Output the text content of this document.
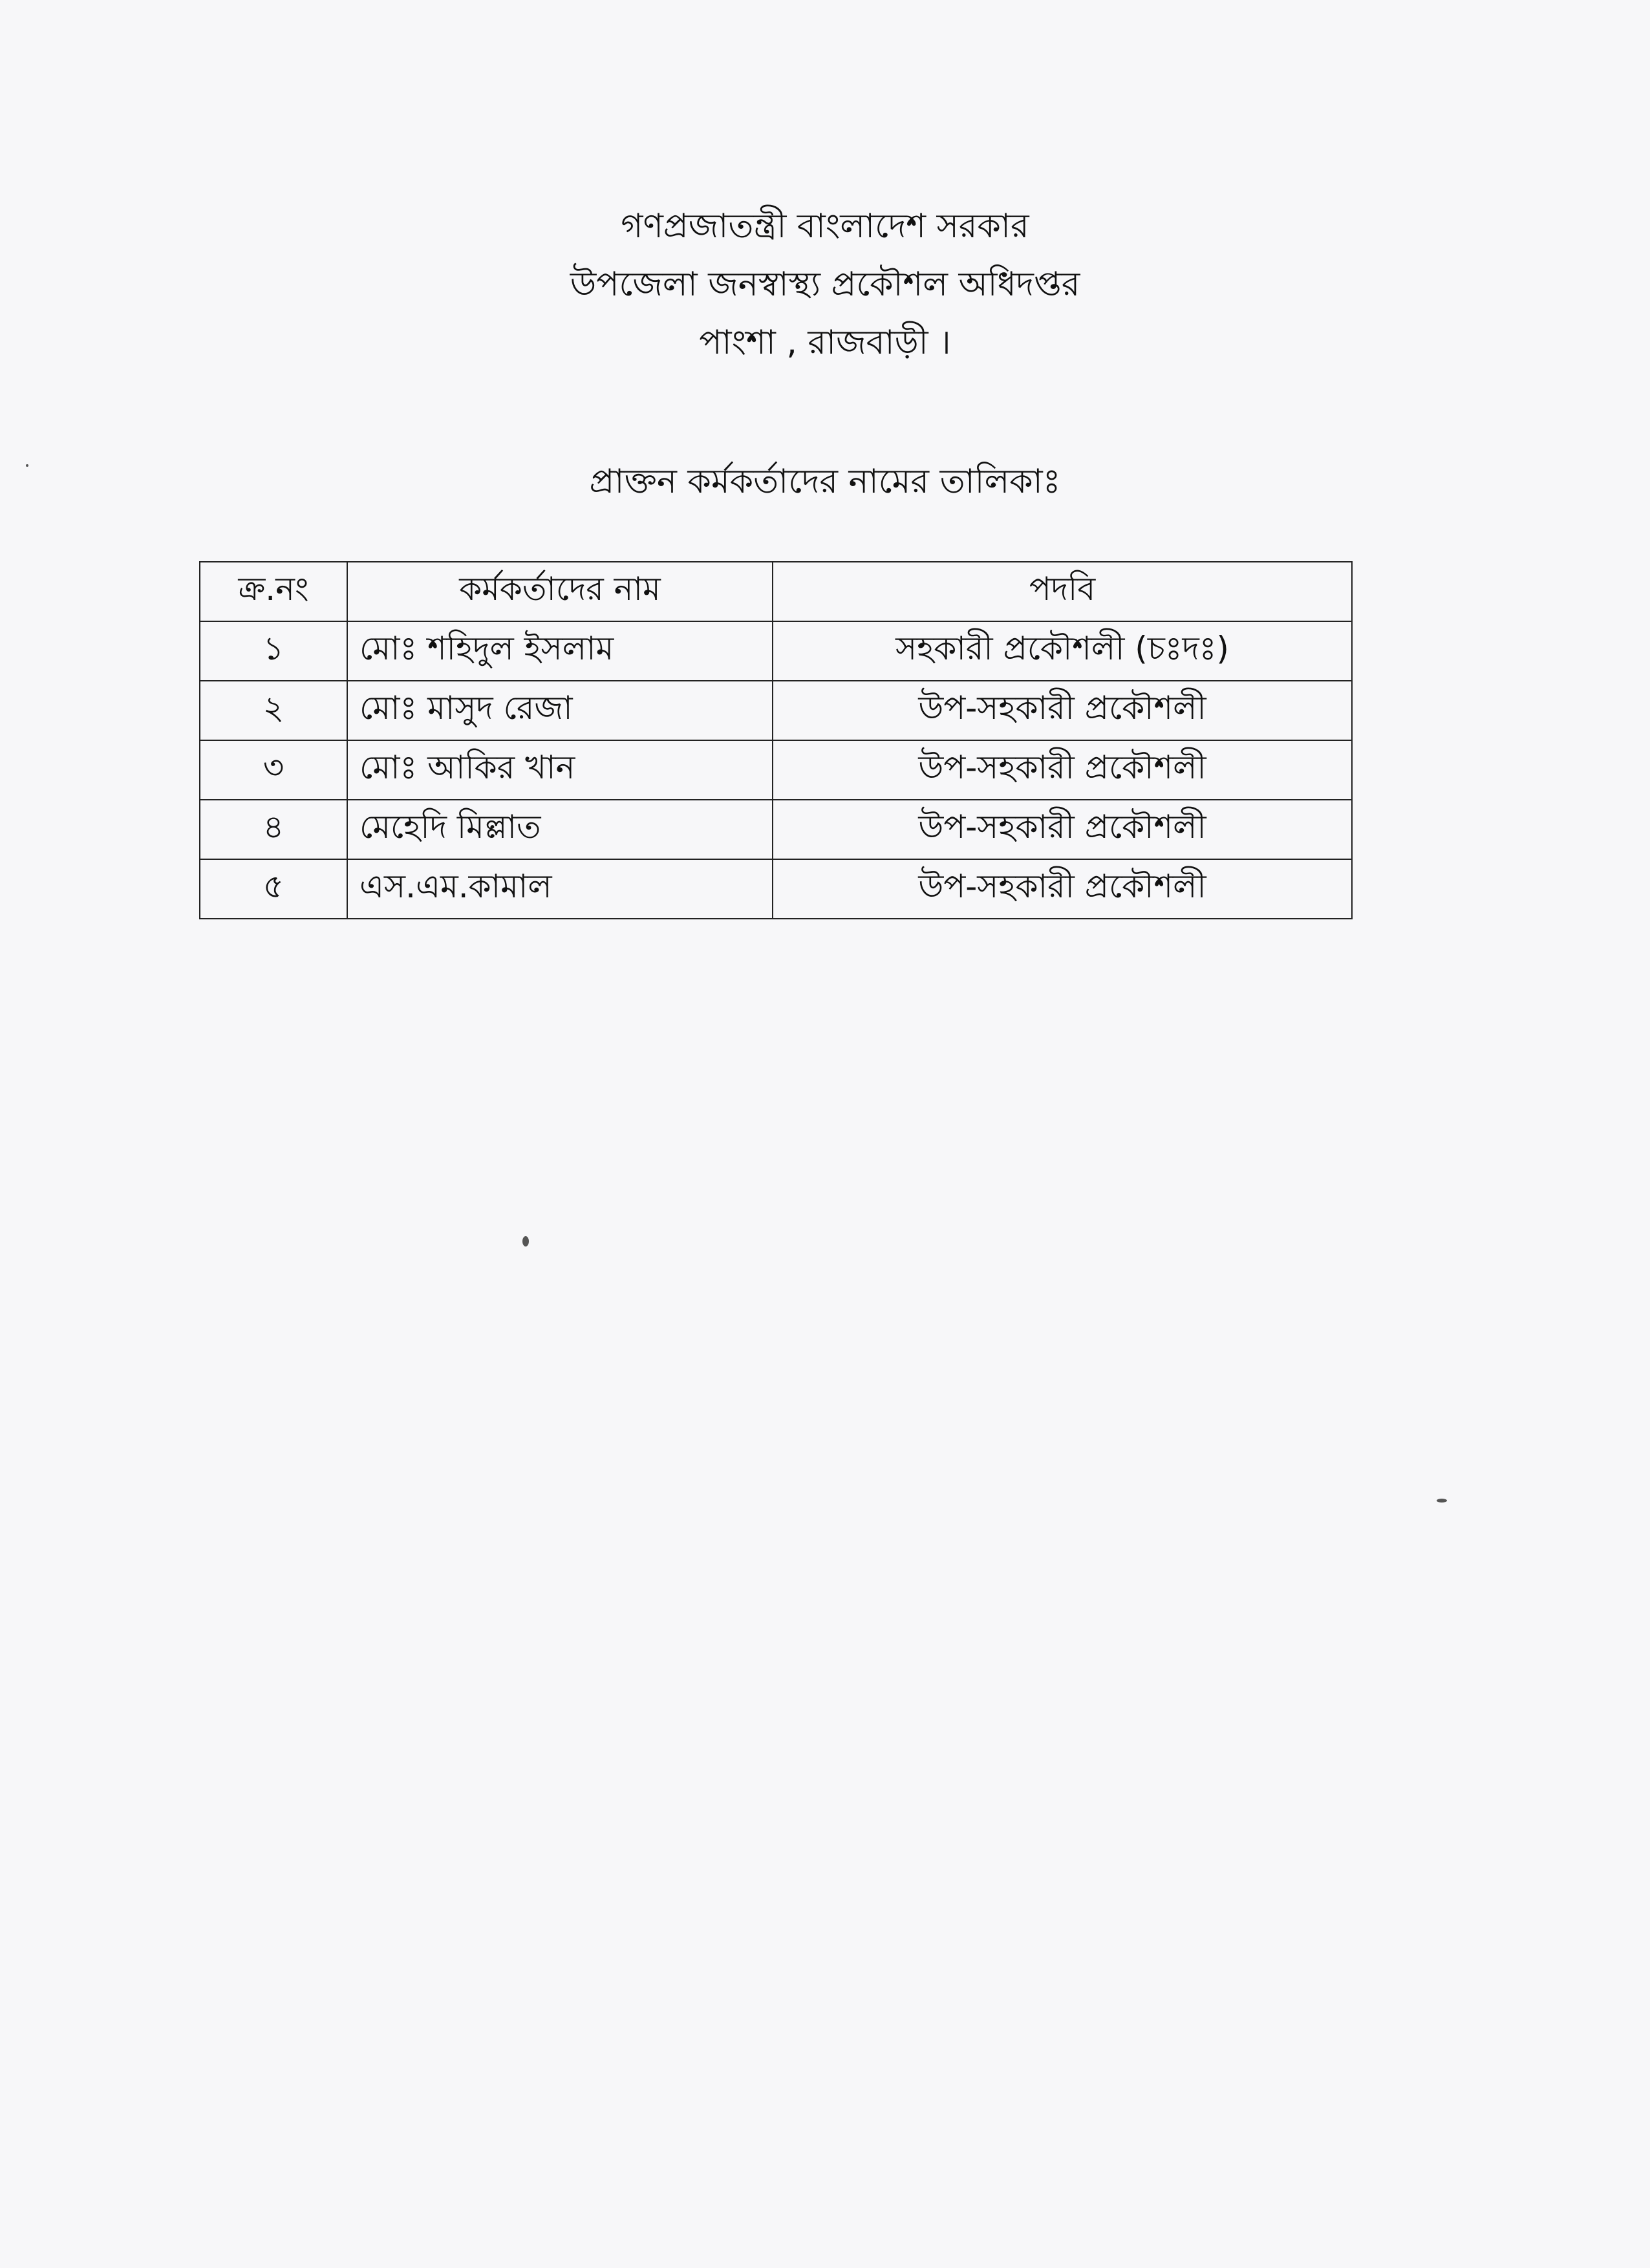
গণপ্রজাতন্ত্রী বাংলাদেশ সরকার
উপজেলা জনস্বাস্থ্য প্রকৌশল অধিদপ্তর
পাংশা , রাজবাড়ী ।
প্রাক্তন কর্মকর্তাদের নামের তালিকাঃ
ক্র.নং	কর্মকর্তাদের নাম	পদবি
১	মোঃ শহিদুল ইসলাম	সহকারী প্রকৌশলী (চঃদঃ)
২	মোঃ মাসুদ রেজা	উপ-সহকারী প্রকৌশলী
৩	মোঃ আকির খান	উপ-সহকারী প্রকৌশলী
৪	মেহেদি মিল্লাত	উপ-সহকারী প্রকৌশলী
৫	এস.এম.কামাল	উপ-সহকারী প্রকৌশলী
